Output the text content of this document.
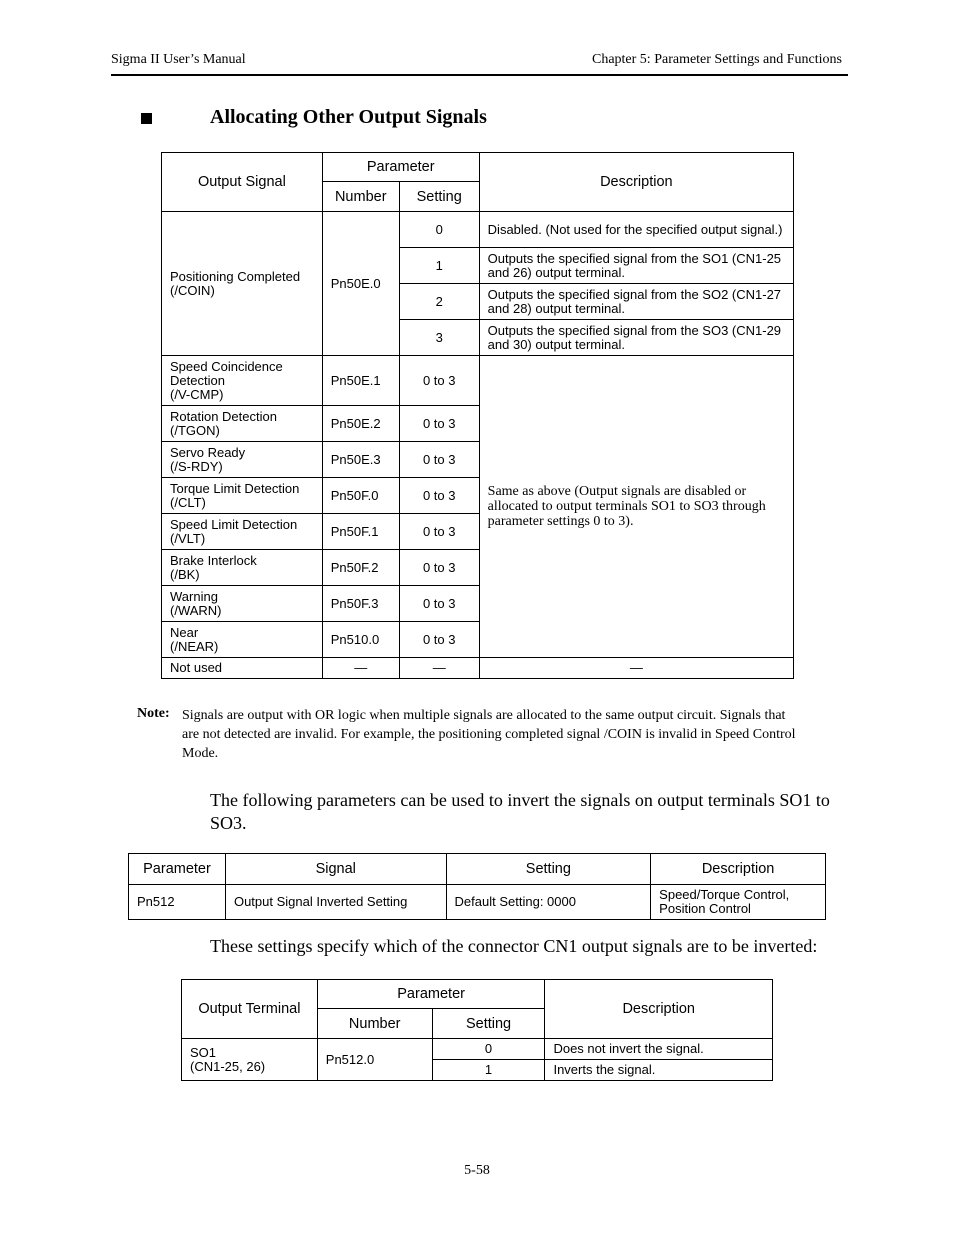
Sigma II User’s Manual	Chapter 5: Parameter Settings and Functions
Allocating Other Output Signals
Output Signal	Parameter		Description
	Number	Setting	
Positioning Completed
(/COIN)	Pn50E.0	0	Disabled. (Not used for the specified output signal.)
		1	Outputs the specified signal from the SO1 (CN1-25 and 26) output terminal.
		2	Outputs the specified signal from the SO2 (CN1-27 and 28) output terminal.
		3	Outputs the specified signal from the SO3 (CN1-29 and 30) output terminal.
Speed Coincidence
Detection
(/V-CMP)	Pn50E.1	0 to 3	Same as above (Output signals are disabled or allocated to output terminals SO1 to SO3 through parameter settings 0 to 3).
Rotation Detection
(/TGON)	Pn50E.2	0 to 3	
Servo Ready
(/S-RDY)	Pn50E.3	0 to 3	
Torque Limit Detection
(/CLT)	Pn50F.0	0 to 3	
Speed Limit Detection
(/VLT)	Pn50F.1	0 to 3	
Brake Interlock
(/BK)	Pn50F.2	0 to 3	
Warning
(/WARN)	Pn50F.3	0 to 3	
Near
(/NEAR)	Pn510.0	0 to 3	
Not used	—	—	—
Note: Signals are output with OR logic when multiple signals are allocated to the same output circuit. Signals that are not detected are invalid. For example, the positioning completed signal /COIN is invalid in Speed Control Mode.
The following parameters can be used to invert the signals on output terminals SO1 to SO3.
Parameter	Signal	Setting	Description
Pn512	Output Signal Inverted Setting	Default Setting: 0000	Speed/Torque Control,
Position Control
These settings specify which of the connector CN1 output signals are to be inverted:
Output Terminal	Parameter		Description
	Number	Setting	
SO1
(CN1-25, 26)	Pn512.0	0	Does not invert the signal.
		1	Inverts the signal.
5-58
